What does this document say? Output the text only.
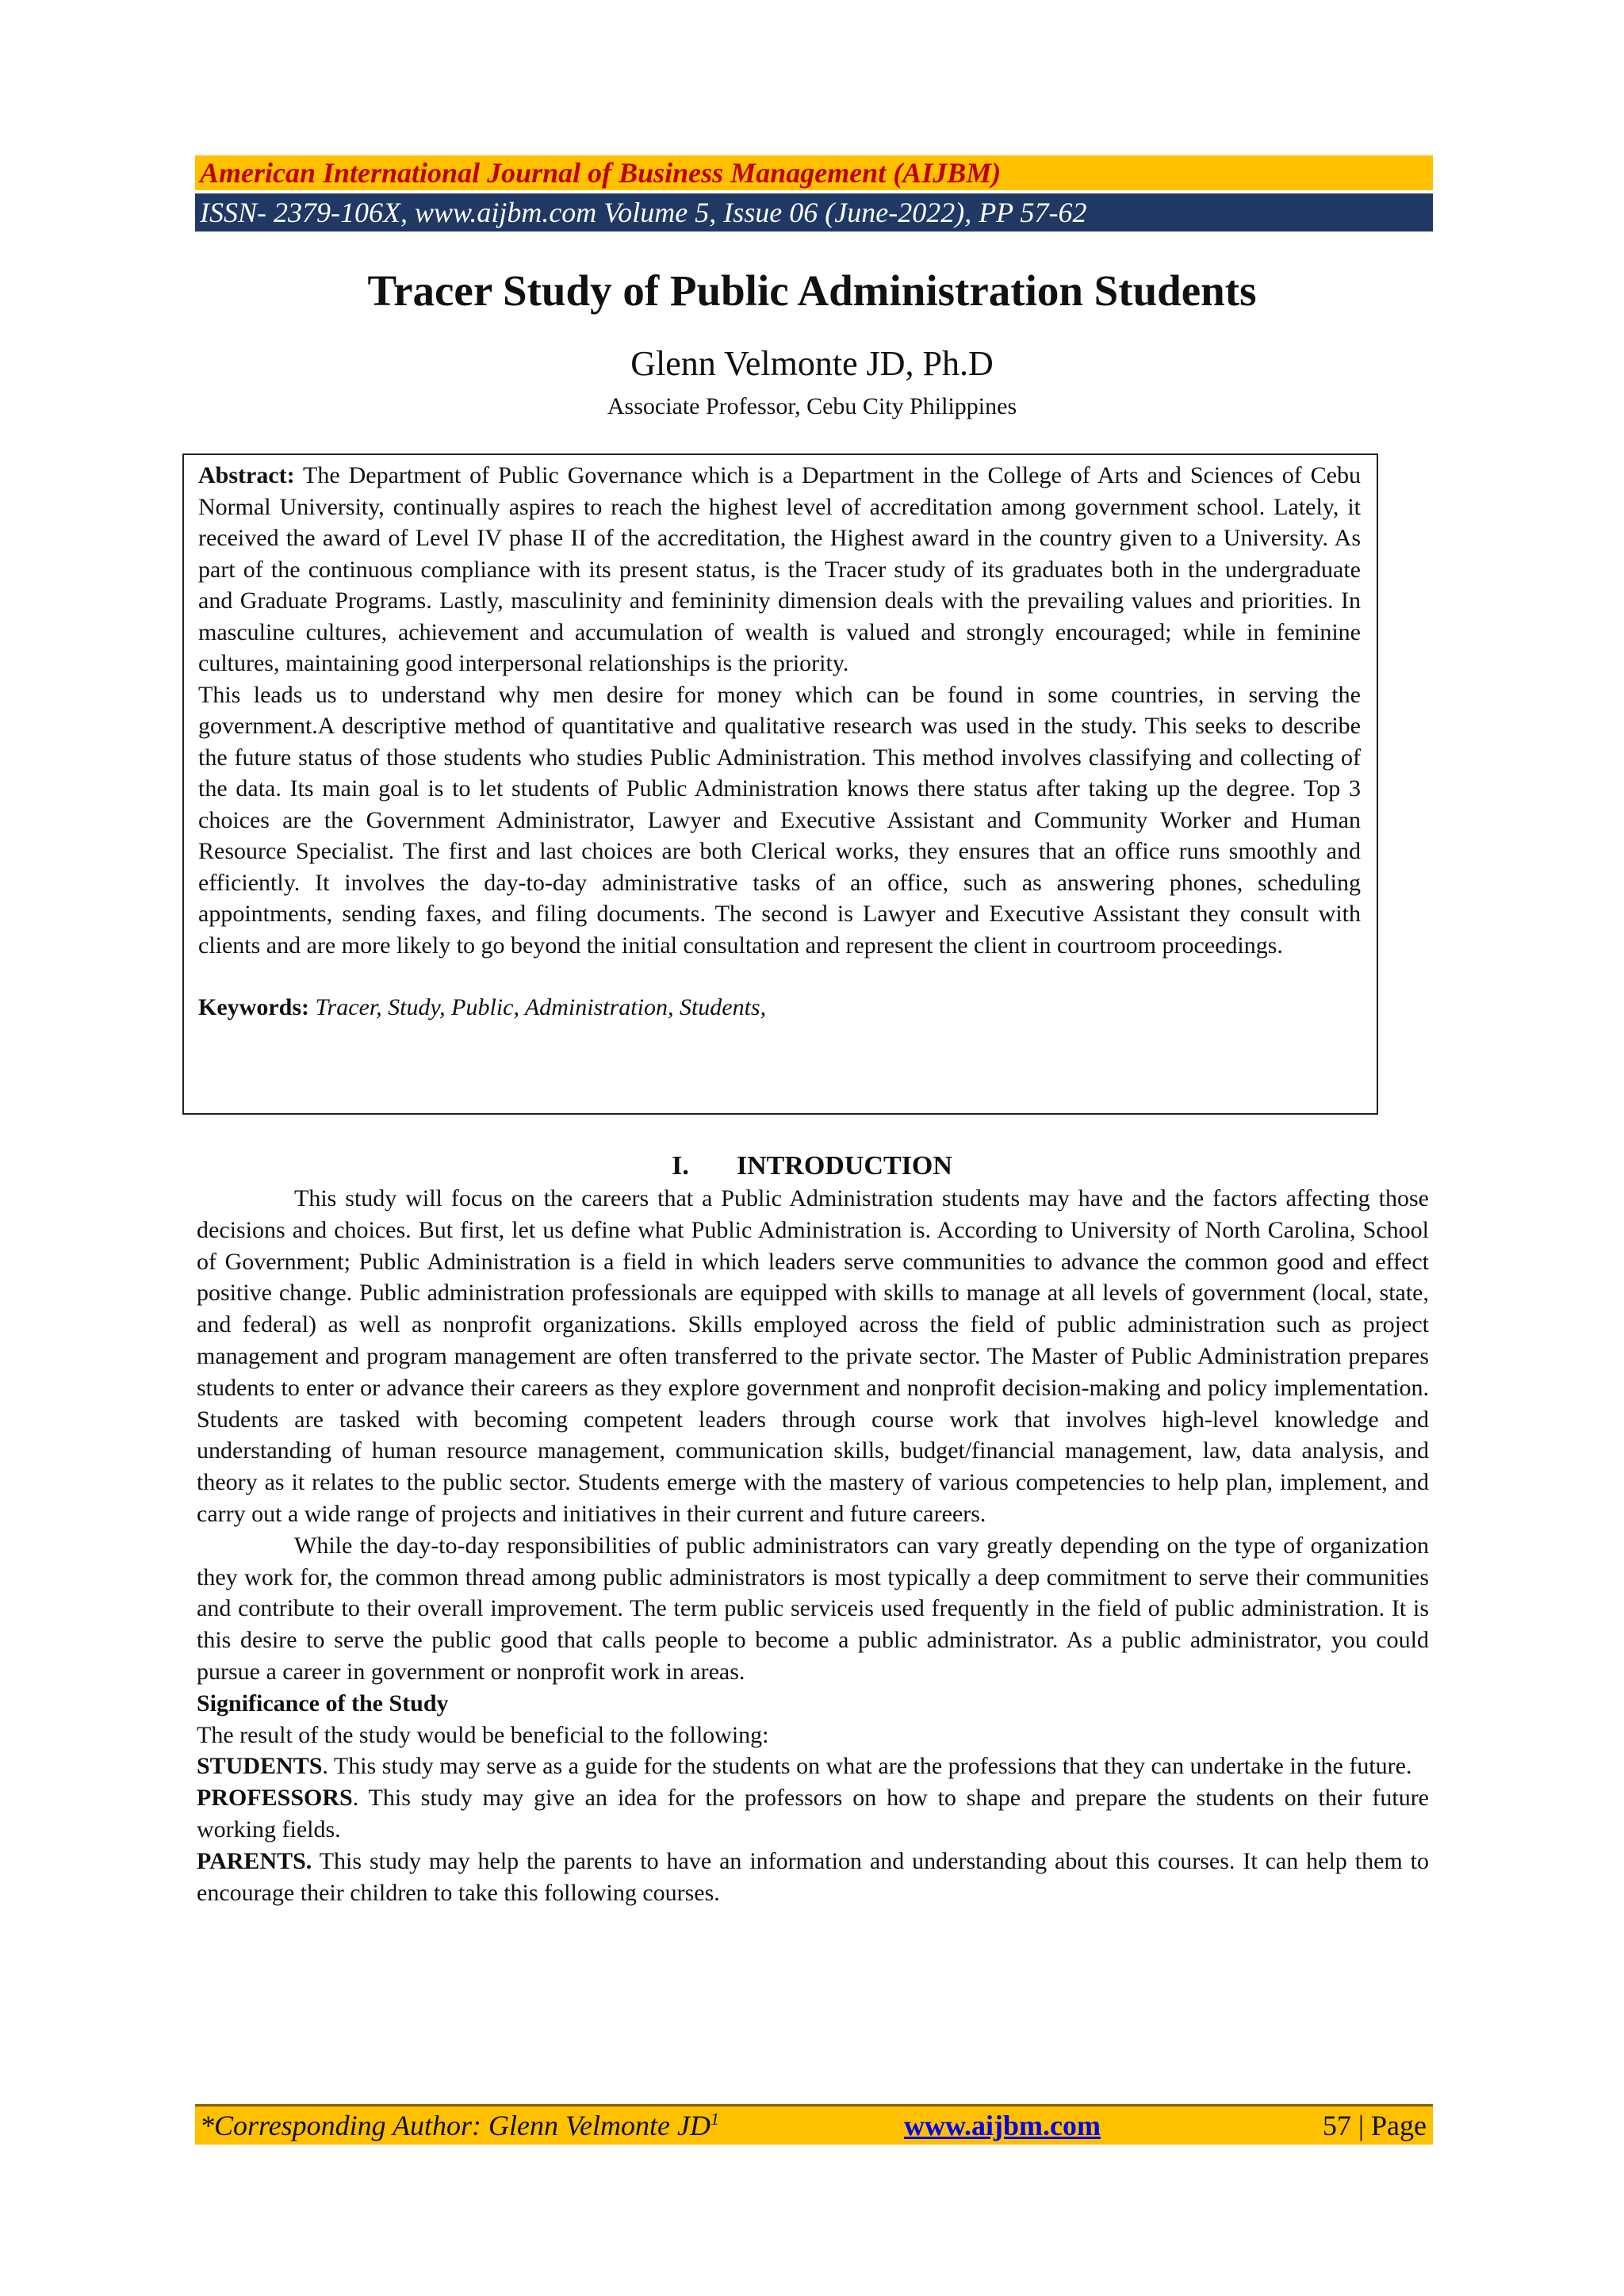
American International Journal of Business Management (AIJBM)
ISSN- 2379-106X, www.aijbm.com Volume 5, Issue 06 (June-2022), PP 57-62
Tracer Study of Public Administration Students
Glenn Velmonte JD, Ph.D
Associate Professor, Cebu City Philippines

Abstract: The Department of Public Governance which is a Department in the College of Arts and Sciences of Cebu Normal University, continually aspires to reach the highest level of accreditation among government school. Lately, it received the award of Level IV phase II of the accreditation, the Highest award in the country given to a University. As part of the continuous compliance with its present status, is the Tracer study of its graduates both in the undergraduate and Graduate Programs. Lastly, masculinity and femininity dimension deals with the prevailing values and priorities. In masculine cultures, achievement and accumulation of wealth is valued and strongly encouraged; while in feminine cultures, maintaining good interpersonal relationships is the priority.

This leads us to understand why men desire for money which can be found in some countries, in serving the government.A descriptive method of quantitative and qualitative research was used in the study. This seeks to describe the future status of those students who studies Public Administration. This method involves classifying and collecting of the data. Its main goal is to let students of Public Administration knows there status after taking up the degree. Top 3 choices are the Government Administrator, Lawyer and Executive Assistant and Community Worker and Human Resource Specialist. The first and last choices are both Clerical works, they ensures that an office runs smoothly and efficiently. It involves the day-to-day administrative tasks of an office, such as answering phones, scheduling appointments, sending faxes, and filing documents. The second is Lawyer and Executive Assistant they consult with clients and are more likely to go beyond the initial consultation and represent the client in courtroom proceedings.

Keywords: Tracer, Study, Public, Administration, Students,

I. INTRODUCTION

This study will focus on the careers that a Public Administration students may have and the factors affecting those decisions and choices. But first, let us define what Public Administration is. According to University of North Carolina, School of Government; Public Administration is a field in which leaders serve communities to advance the common good and effect positive change. Public administration professionals are equipped with skills to manage at all levels of government (local, state, and federal) as well as nonprofit organizations. Skills employed across the field of public administration such as project management and program management are often transferred to the private sector. The Master of Public Administration prepares students to enter or advance their careers as they explore government and nonprofit decision-making and policy implementation. Students are tasked with becoming competent leaders through course work that involves high-level knowledge and understanding of human resource management, communication skills, budget/financial management, law, data analysis, and theory as it relates to the public sector. Students emerge with the mastery of various competencies to help plan, implement, and carry out a wide range of projects and initiatives in their current and future careers.

While the day-to-day responsibilities of public administrators can vary greatly depending on the type of organization they work for, the common thread among public administrators is most typically a deep commitment to serve their communities and contribute to their overall improvement. The term public serviceis used frequently in the field of public administration. It is this desire to serve the public good that calls people to become a public administrator. As a public administrator, you could pursue a career in government or nonprofit work in areas.

Significance of the Study

The result of the study would be beneficial to the following:

STUDENTS. This study may serve as a guide for the students on what are the professions that they can undertake in the future.

PROFESSORS. This study may give an idea for the professors on how to shape and prepare the students on their future working fields.

PARENTS. This study may help the parents to have an information and understanding about this courses. It can help them to encourage their children to take this following courses.

*Corresponding Author: Glenn Velmonte $JD^1$	www.aijbm.com	57 | Page
